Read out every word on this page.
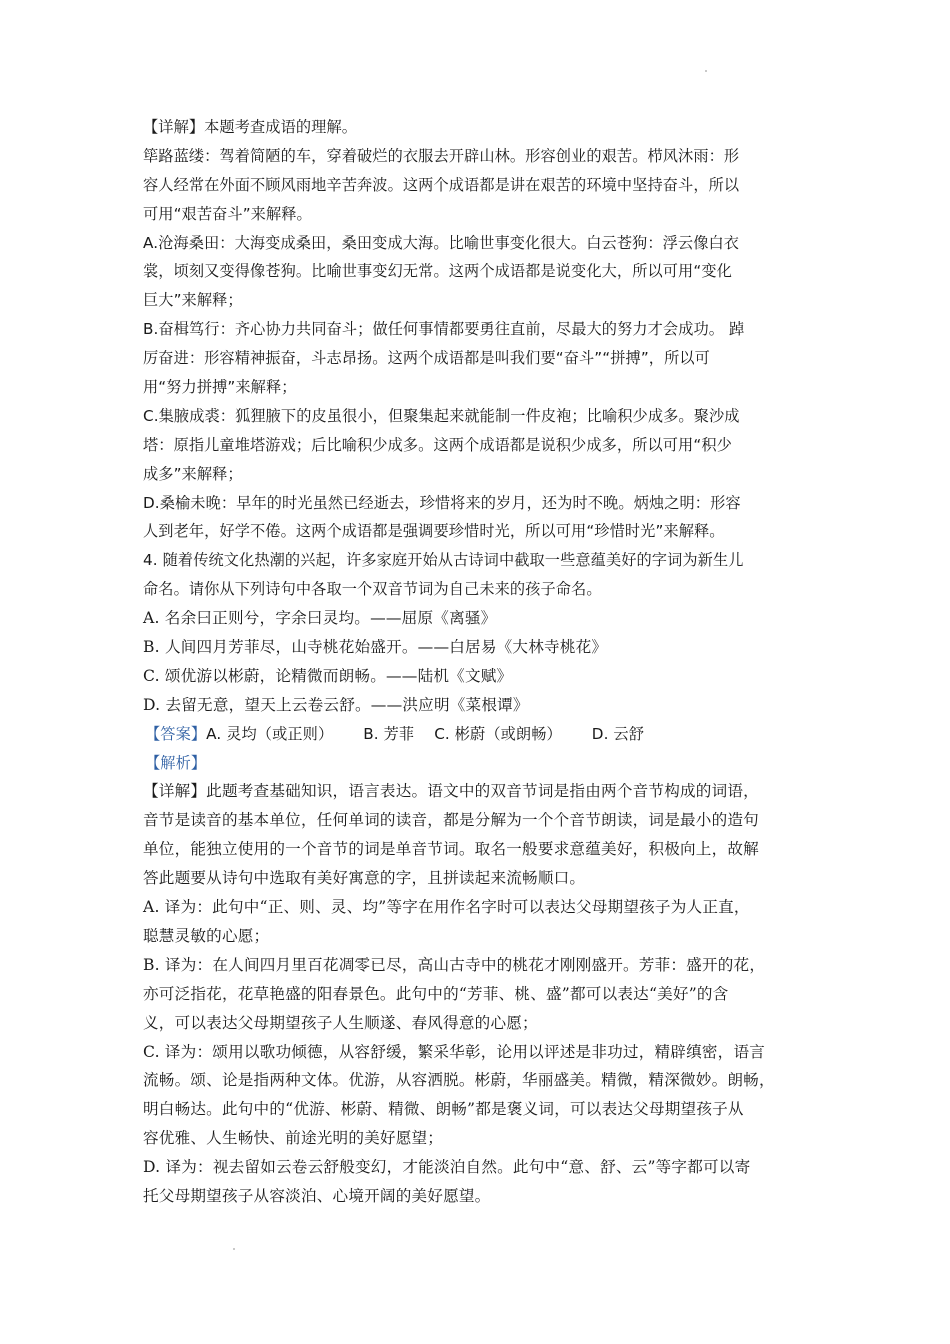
【详解】本题考查成语的理解。
筚路蓝缕：驾着简陋的车，穿着破烂的衣服去开辟山林。形容创业的艰苦。栉风沐雨：形
容人经常在外面不顾风雨地辛苦奔波。这两个成语都是讲在艰苦的环境中坚持奋斗，所以
可用“艰苦奋斗”来解释。
A.沧海桑田：大海变成桑田，桑田变成大海。比喻世事变化很大。白云苍狗：浮云像白衣
裳，顷刻又变得像苍狗。比喻世事变幻无常。这两个成语都是说变化大，所以可用“变化
巨大”来解释；
B.奋楫笃行：齐心协力共同奋斗；做任何事情都要勇往直前，尽最大的努力才会成功。 踔
厉奋进：形容精神振奋，斗志昂扬。这两个成语都是叫我们要“奋斗”“拼搏”，所以可
用“努力拼搏”来解释；
C.集腋成裘：狐狸腋下的皮虽很小，但聚集起来就能制一件皮袍；比喻积少成多。聚沙成
塔：原指儿童堆塔游戏；后比喻积少成多。这两个成语都是说积少成多，所以可用“积少
成多”来解释；
D.桑榆未晚：早年的时光虽然已经逝去，珍惜将来的岁月，还为时不晚。炳烛之明：形容
人到老年，好学不倦。这两个成语都是强调要珍惜时光，所以可用“珍惜时光”来解释。
4. 随着传统文化热潮的兴起，许多家庭开始从古诗词中截取一些意蕴美好的字词为新生儿
命名。请你从下列诗句中各取一个双音节词为自己未来的孩子命名。
A. 名余曰正则兮，字余曰灵均。——屈原《离骚》
B. 人间四月芳菲尽，山寺桃花始盛开。——白居易《大林寺桃花》
C. 颂优游以彬蔚，论精微而朗畅。——陆机《文赋》
D. 去留无意，望天上云卷云舒。——洪应明《菜根谭》
【答案】A. 灵均（或正则） B. 芳菲 C. 彬蔚（或朗畅） D. 云舒
【解析】
【详解】此题考查基础知识，语言表达。语文中的双音节词是指由两个音节构成的词语，
音节是读音的基本单位，任何单词的读音，都是分解为一个个音节朗读，词是最小的造句
单位，能独立使用的一个音节的词是单音节词。取名一般要求意蕴美好，积极向上，故解
答此题要从诗句中选取有美好寓意的字，且拼读起来流畅顺口。
A. 译为：此句中“正、则、灵、均”等字在用作名字时可以表达父母期望孩子为人正直，
聪慧灵敏的心愿；
B. 译为：在人间四月里百花凋零已尽，高山古寺中的桃花才刚刚盛开。芳菲：盛开的花，
亦可泛指花，花草艳盛的阳春景色。此句中的“芳菲、桃、盛”都可以表达“美好”的含
义，可以表达父母期望孩子人生顺遂、春风得意的心愿；
C. 译为：颂用以歌功倾德，从容舒缓，繁采华彰，论用以评述是非功过，精辟缜密，语言
流畅。颂、论是指两种文体。优游，从容洒脱。彬蔚，华丽盛美。精微，精深微妙。朗畅，
明白畅达。此句中的“优游、彬蔚、精微、朗畅”都是褒义词，可以表达父母期望孩子从
容优雅、人生畅快、前途光明的美好愿望；
D. 译为：视去留如云卷云舒般变幻，才能淡泊自然。此句中“意、舒、云”等字都可以寄
托父母期望孩子从容淡泊、心境开阔的美好愿望。
